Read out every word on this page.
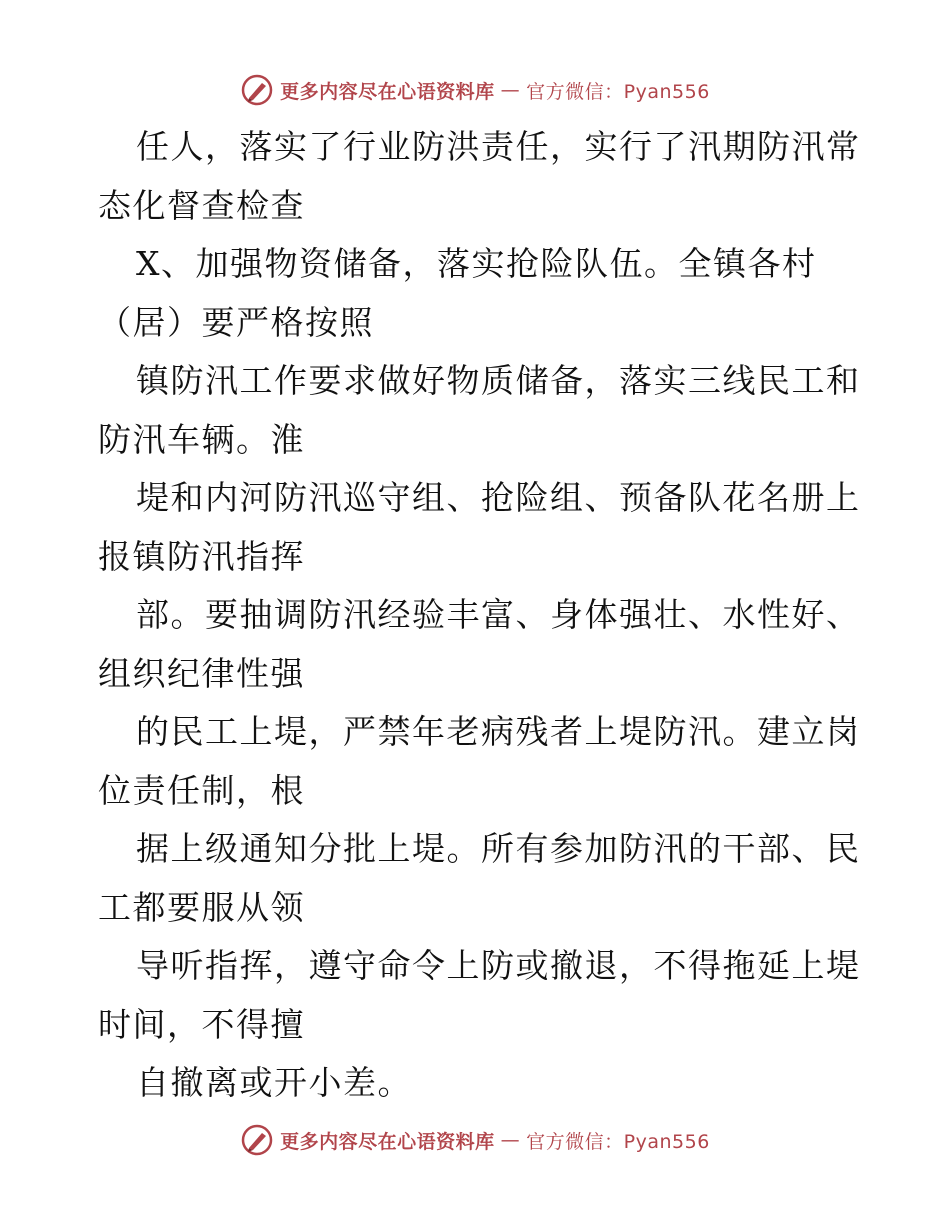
更多内容尽在心语资料库 — 官方微信：Pyan556
任人，落实了行业防洪责任，实行了汛期防汛常
态化督查检查
X、加强物资储备，落实抢险队伍。全镇各村
（居）要严格按照
镇防汛工作要求做好物质储备，落实三线民工和
防汛车辆。淮
堤和内河防汛巡守组、抢险组、预备队花名册上
报镇防汛指挥
部。要抽调防汛经验丰富、身体强壮、水性好、
组织纪律性强
的民工上堤，严禁年老病残者上堤防汛。建立岗
位责任制，根
据上级通知分批上堤。所有参加防汛的干部、民
工都要服从领
导听指挥，遵守命令上防或撤退，不得拖延上堤
时间，不得擅
自撤离或开小差。
更多内容尽在心语资料库 — 官方微信：Pyan556
